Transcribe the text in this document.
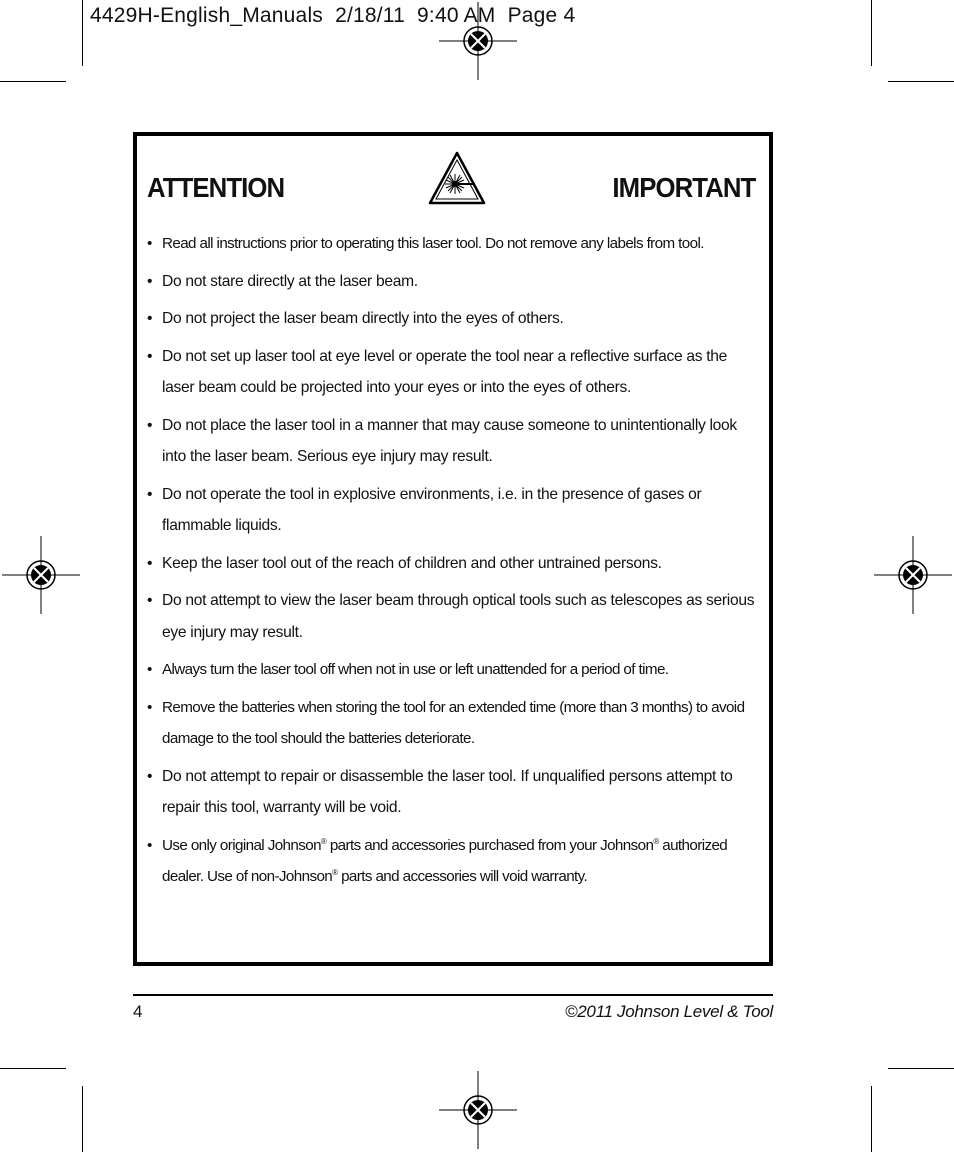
4429H-English_Manuals  2/18/11  9:40 AM  Page 4
ATTENTION	IMPORTANT
• Read all instructions prior to operating this laser tool. Do not remove any labels from tool.
• Do not stare directly at the laser beam.
• Do not project the laser beam directly into the eyes of others.
• Do not set up laser tool at eye level or operate the tool near a reflective surface as the laser beam could be projected into your eyes or into the eyes of others.
• Do not place the laser tool in a manner that may cause someone to unintentionally look into the laser beam. Serious eye injury may result.
• Do not operate the tool in explosive environments, i.e. in the presence of gases or flammable liquids.
• Keep the laser tool out of the reach of children and other untrained persons.
• Do not attempt to view the laser beam through optical tools such as telescopes as serious eye injury may result.
• Always turn the laser tool off when not in use or left unattended for a period of time.
• Remove the batteries when storing the tool for an extended time (more than 3 months) to avoid damage to the tool should the batteries deteriorate.
• Do not attempt to repair or disassemble the laser tool. If unqualified persons attempt to repair this tool, warranty will be void.
• Use only original Johnson® parts and accessories purchased from your Johnson® authorized dealer. Use of non-Johnson® parts and accessories will void warranty.
4	©2011 Johnson Level & Tool
